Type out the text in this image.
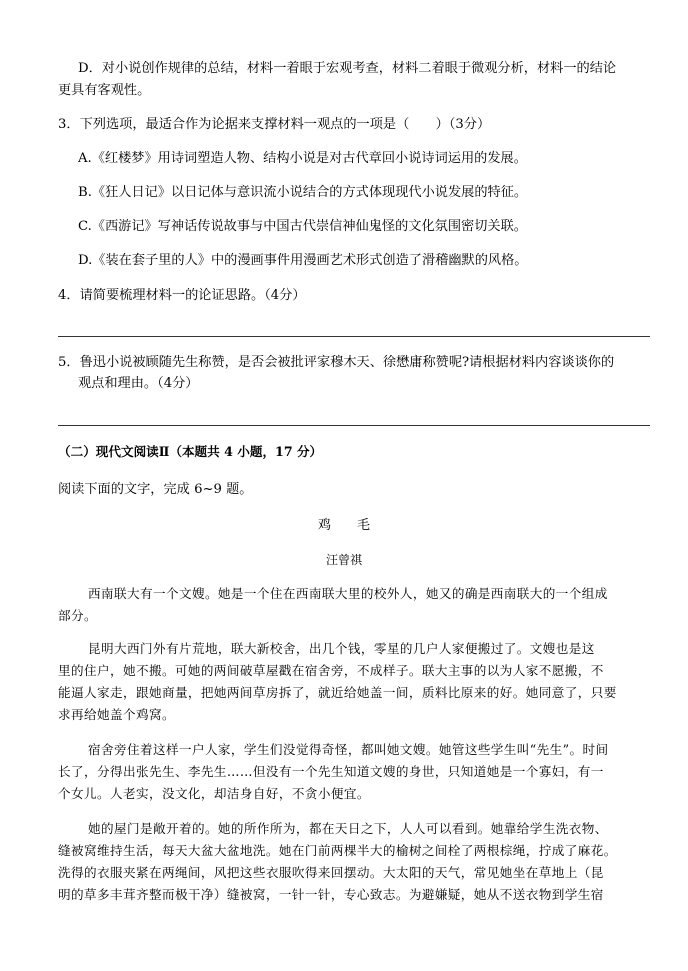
D．对小说创作规律的总结，材料一着眼于宏观考查，材料二着眼于微观分析，材料一的结论
更具有客观性。
3．下列选项，最适合作为论据来支撑材料一观点的一项是（　　）（3分）
A.《红楼梦》用诗词塑造人物、结构小说是对古代章回小说诗词运用的发展。
B.《狂人日记》以日记体与意识流小说结合的方式体现现代小说发展的特征。
C.《西游记》写神话传说故事与中国古代崇信神仙鬼怪的文化氛围密切关联。
D.《装在套子里的人》中的漫画事件用漫画艺术形式创造了滑稽幽默的风格。
4．请简要梳理材料一的论证思路。（4分）
5．鲁迅小说被顾随先生称赞，是否会被批评家穆木天、徐懋庸称赞呢?请根据材料内容谈谈你的
观点和理由。（4分）
（二）现代文阅读Ⅱ（本题共 4 小题，17 分）
阅读下面的文字，完成 6~9 题。
鸡　　毛
汪曾祺
西南联大有一个文嫂。她是一个住在西南联大里的校外人，她又的确是西南联大的一个组成
部分。
昆明大西门外有片荒地，联大新校舍，出几个钱，零星的几户人家便搬过了。文嫂也是这
里的住户，她不搬。可她的两间破草屋戳在宿舍旁，不成样子。联大主事的以为人家不愿搬，不
能逼人家走，跟她商量，把她两间草房拆了，就近给她盖一间，质料比原来的好。她同意了，只要
求再给她盖个鸡窝。
宿舍旁住着这样一户人家，学生们没觉得奇怪，都叫她文嫂。她管这些学生叫“先生”。时间
长了，分得出张先生、李先生……但没有一个先生知道文嫂的身世，只知道她是一个寡妇，有一
个女儿。人老实，没文化，却洁身自好，不贪小便宜。
她的屋门是敞开着的。她的所作所为，都在天日之下，人人可以看到。她靠给学生洗衣物、
缝被窝维持生活，每天大盆大盆地洗。她在门前两棵半大的榆树之间栓了两根棕绳，拧成了麻花。
洗得的衣服夹紧在两绳间，风把这些衣服吹得来回摆动。大太阳的天气，常见她坐在草地上（昆
明的草多丰茸齐整而极干净）缝被窝，一针一针，专心致志。为避嫌疑，她从不送衣物到学生宿
